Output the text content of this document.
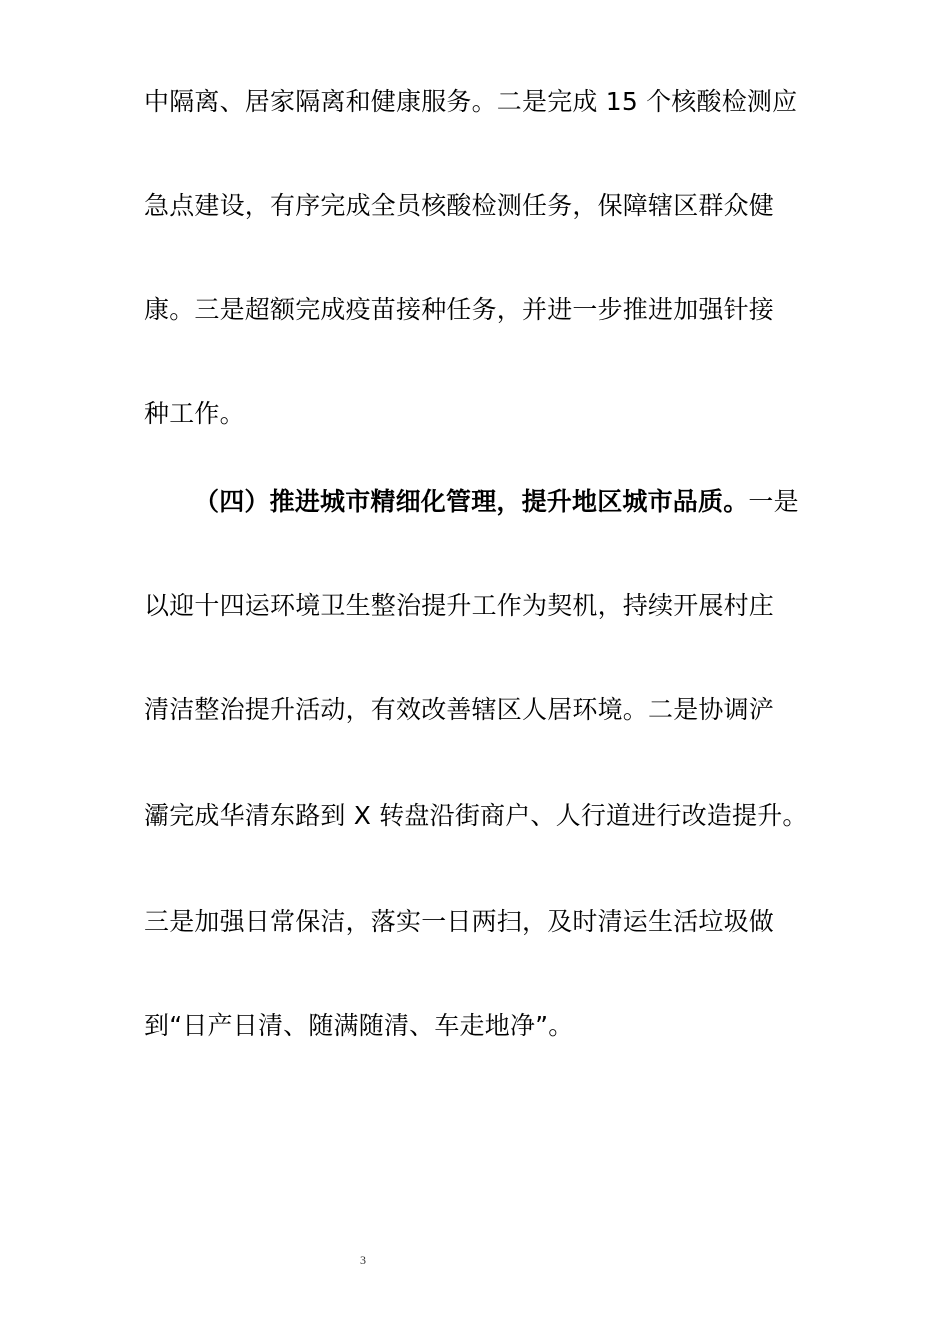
中隔离、居家隔离和健康服务。二是完成 15 个核酸检测应
急点建设，有序完成全员核酸检测任务，保障辖区群众健
康。三是超额完成疫苗接种任务，并进一步推进加强针接
种工作。
（四）推进城市精细化管理，提升地区城市品质。一是
以迎十四运环境卫生整治提升工作为契机，持续开展村庄
清洁整治提升活动，有效改善辖区人居环境。二是协调浐
灞完成华清东路到 X 转盘沿街商户、人行道进行改造提升。
三是加强日常保洁，落实一日两扫，及时清运生活垃圾做
到“日产日清、随满随清、车走地净”。
3
